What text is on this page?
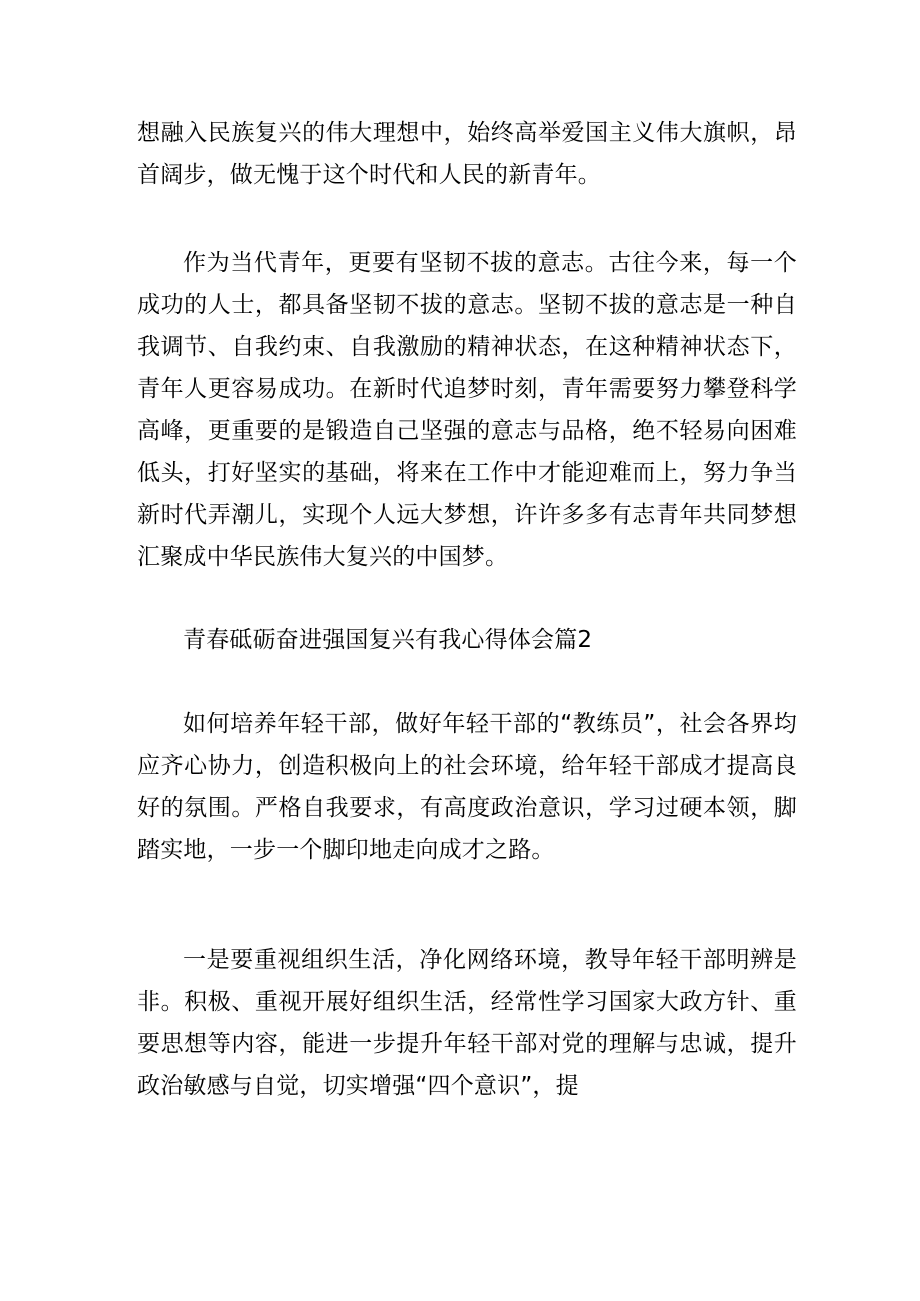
想融入民族复兴的伟大理想中，始终高举爱国主义伟大旗帜，昂首阔步，做无愧于这个时代和人民的新青年。

作为当代青年，更要有坚韧不拔的意志。古往今来，每一个成功的人士，都具备坚韧不拔的意志。坚韧不拔的意志是一种自我调节、自我约束、自我激励的精神状态，在这种精神状态下，青年人更容易成功。在新时代追梦时刻，青年需要努力攀登科学高峰，更重要的是锻造自己坚强的意志与品格，绝不轻易向困难低头，打好坚实的基础，将来在工作中才能迎难而上，努力争当新时代弄潮儿，实现个人远大梦想，许许多多有志青年共同梦想汇聚成中华民族伟大复兴的中国梦。

青春砥砺奋进强国复兴有我心得体会篇2

如何培养年轻干部，做好年轻干部的“教练员”，社会各界均应齐心协力，创造积极向上的社会环境，给年轻干部成才提高良好的氛围。严格自我要求，有高度政治意识，学习过硬本领，脚踏实地，一步一个脚印地走向成才之路。

一是要重视组织生活，净化网络环境，教导年轻干部明辨是非。积极、重视开展好组织生活，经常性学习国家大政方针、重要思想等内容，能进一步提升年轻干部对党的理解与忠诚，提升政治敏感与自觉，切实增强“四个意识”，提
